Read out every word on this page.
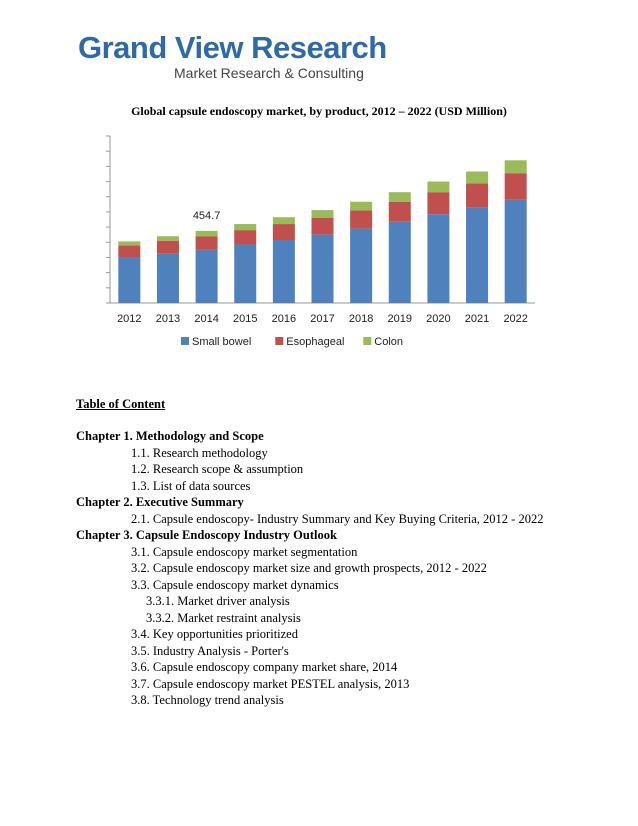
Grand View Research
Market Research & Consulting
Global capsule endoscopy market, by product, 2012 – 2022 (USD Million)
2012 2013 2014 2015 2016 2017 2018 2019 2020 2021 2022
454.7
Small bowel	Esophageal	Colon
Table of Content
Chapter 1. Methodology and Scope
1.1. Research methodology
1.2. Research scope & assumption
1.3. List of data sources
Chapter 2. Executive Summary
2.1. Capsule endoscopy- Industry Summary and Key Buying Criteria, 2012 - 2022
Chapter 3. Capsule Endoscopy Industry Outlook
3.1. Capsule endoscopy market segmentation
3.2. Capsule endoscopy market size and growth prospects, 2012 - 2022
3.3. Capsule endoscopy market dynamics
3.3.1. Market driver analysis
3.3.2. Market restraint analysis
3.4. Key opportunities prioritized
3.5. Industry Analysis - Porter's
3.6. Capsule endoscopy company market share, 2014
3.7. Capsule endoscopy market PESTEL analysis, 2013
3.8. Technology trend analysis
